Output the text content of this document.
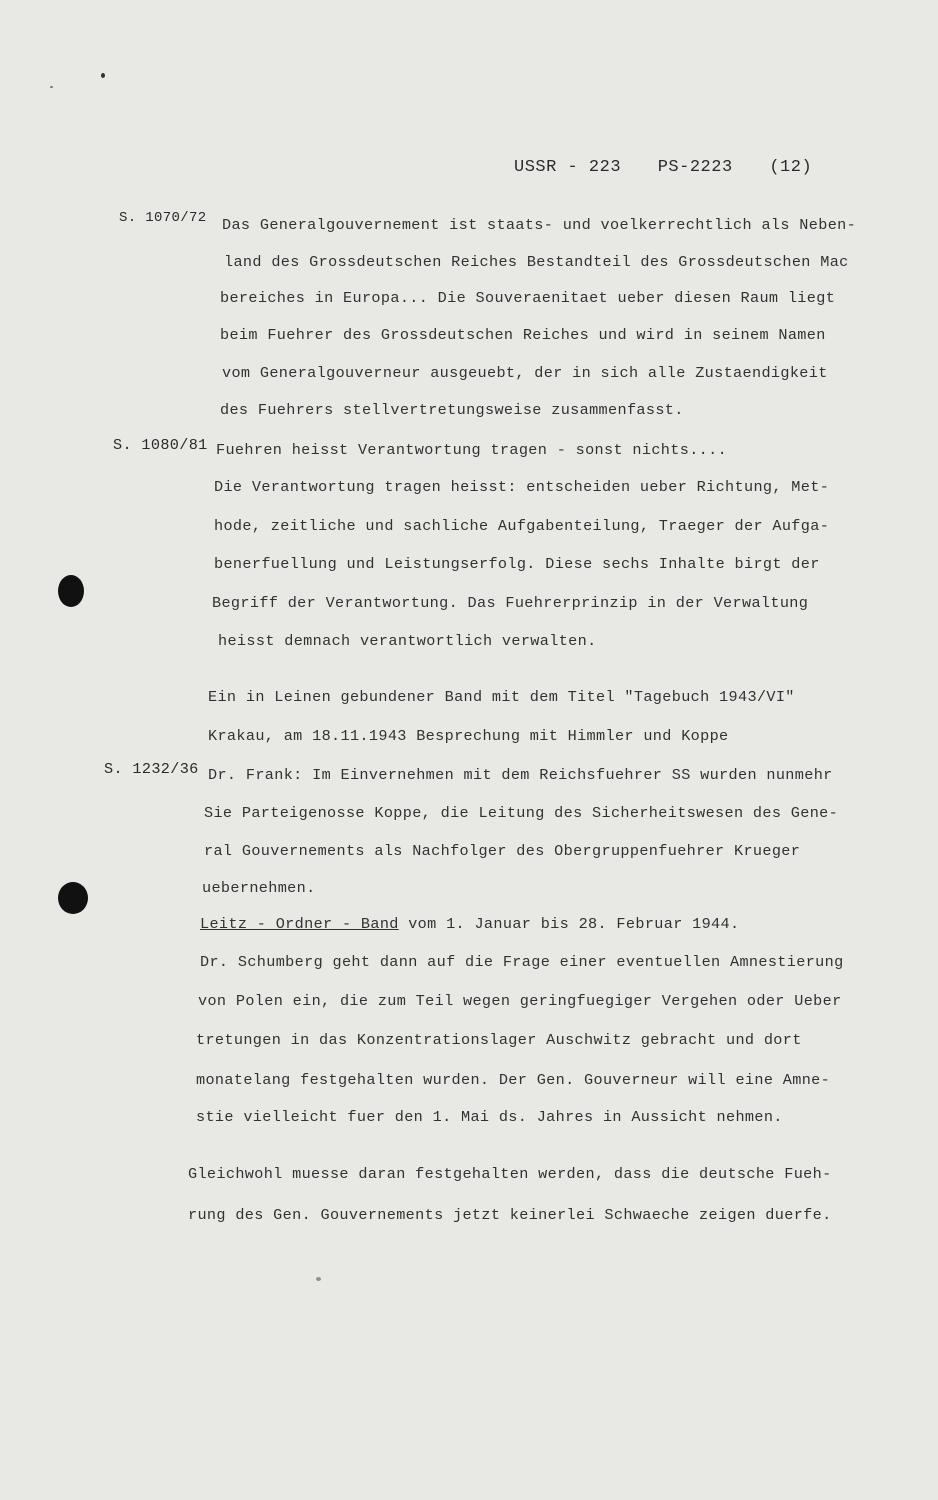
USSR - 223 PS-2223 (12)
S. 1070/72 Das Generalgouvernement ist staats- und voelkerrechtlich als Neben-
land des Grossdeutschen Reiches Bestandteil des Grossdeutschen Mac
bereiches in Europa... Die Souveraenitaet ueber diesen Raum liegt
beim Fuehrer des Grossdeutschen Reiches und wird in seinem Namen
vom Generalgouverneur ausgeuebt, der in sich alle Zustaendigkeit
des Fuehrers stellvertretungsweise zusammenfasst.
S. 1080/81 Fuehren heisst Verantwortung tragen - sonst nichts....
Die Verantwortung tragen heisst: entscheiden ueber Richtung, Met-
hode, zeitliche und sachliche Aufgabenteilung, Traeger der Aufga-
benerfuellung und Leistungserfolg. Diese sechs Inhalte birgt der
Begriff der Verantwortung. Das Fuehrerprinzip in der Verwaltung
heisst demnach verantwortlich verwalten.
Ein in Leinen gebundener Band mit dem Titel "Tagebuch 1943/VI"
Krakau, am 18.11.1943 Besprechung mit Himmler und Koppe
S. 1232/36 Dr. Frank: Im Einvernehmen mit dem Reichsfuehrer SS wurden nunmehr
Sie Parteigenosse Koppe, die Leitung des Sicherheitswesen des Gene-
ral Gouvernements als Nachfolger des Obergruppenfuehrer Krueger
uebernehmen.
Leitz - Ordner - Band vom 1. Januar bis 28. Februar 1944.
Dr. Schumberg geht dann auf die Frage einer eventuellen Amnestierung
von Polen ein, die zum Teil wegen geringfuegiger Vergehen oder Ueber
tretungen in das Konzentrationslager Auschwitz gebracht und dort
monatelang festgehalten wurden. Der Gen. Gouverneur will eine Amne-
stie vielleicht fuer den 1. Mai ds. Jahres in Aussicht nehmen.
Gleichwohl muesse daran festgehalten werden, dass die deutsche Fueh-
rung des Gen. Gouvernements jetzt keinerlei Schwaeche zeigen duerfe.
